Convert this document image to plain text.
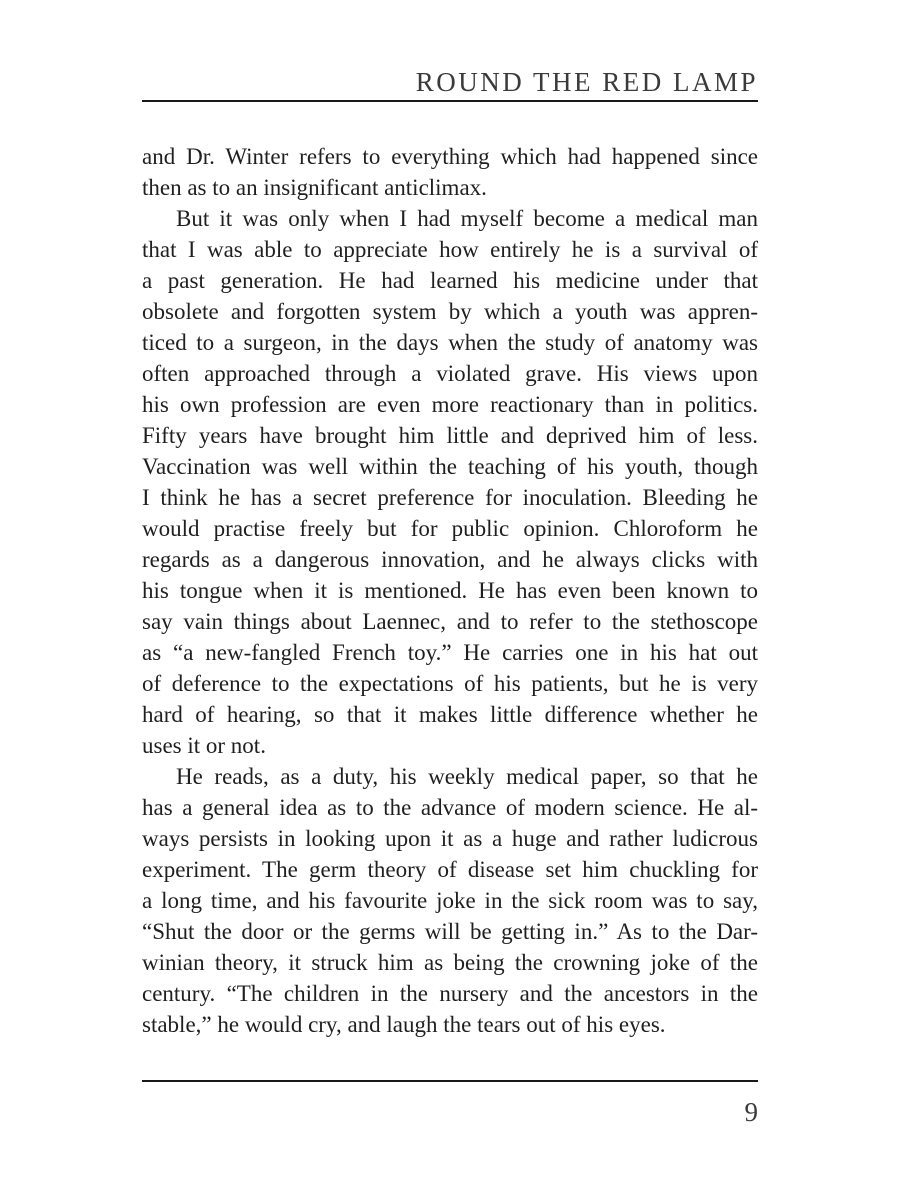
ROUND THE RED LAMP
and Dr. Winter refers to everything which had happened since
then as to an insignificant anticlimax.
But it was only when I had myself become a medical man
that I was able to appreciate how entirely he is a survival of
a past generation. He had learned his medicine under that
obsolete and forgotten system by which a youth was appren-
ticed to a surgeon, in the days when the study of anatomy was
often approached through a violated grave. His views upon
his own profession are even more reactionary than in politics.
Fifty years have brought him little and deprived him of less.
Vaccination was well within the teaching of his youth, though
I think he has a secret preference for inoculation. Bleeding he
would practise freely but for public opinion. Chloroform he
regards as a dangerous innovation, and he always clicks with
his tongue when it is mentioned. He has even been known to
say vain things about Laennec, and to refer to the stethoscope
as “a new-fangled French toy.” He carries one in his hat out
of deference to the expectations of his patients, but he is very
hard of hearing, so that it makes little difference whether he
uses it or not.
He reads, as a duty, his weekly medical paper, so that he
has a general idea as to the advance of modern science. He al-
ways persists in looking upon it as a huge and rather ludicrous
experiment. The germ theory of disease set him chuckling for
a long time, and his favourite joke in the sick room was to say,
“Shut the door or the germs will be getting in.” As to the Dar-
winian theory, it struck him as being the crowning joke of the
century. “The children in the nursery and the ancestors in the
stable,” he would cry, and laugh the tears out of his eyes.
9
